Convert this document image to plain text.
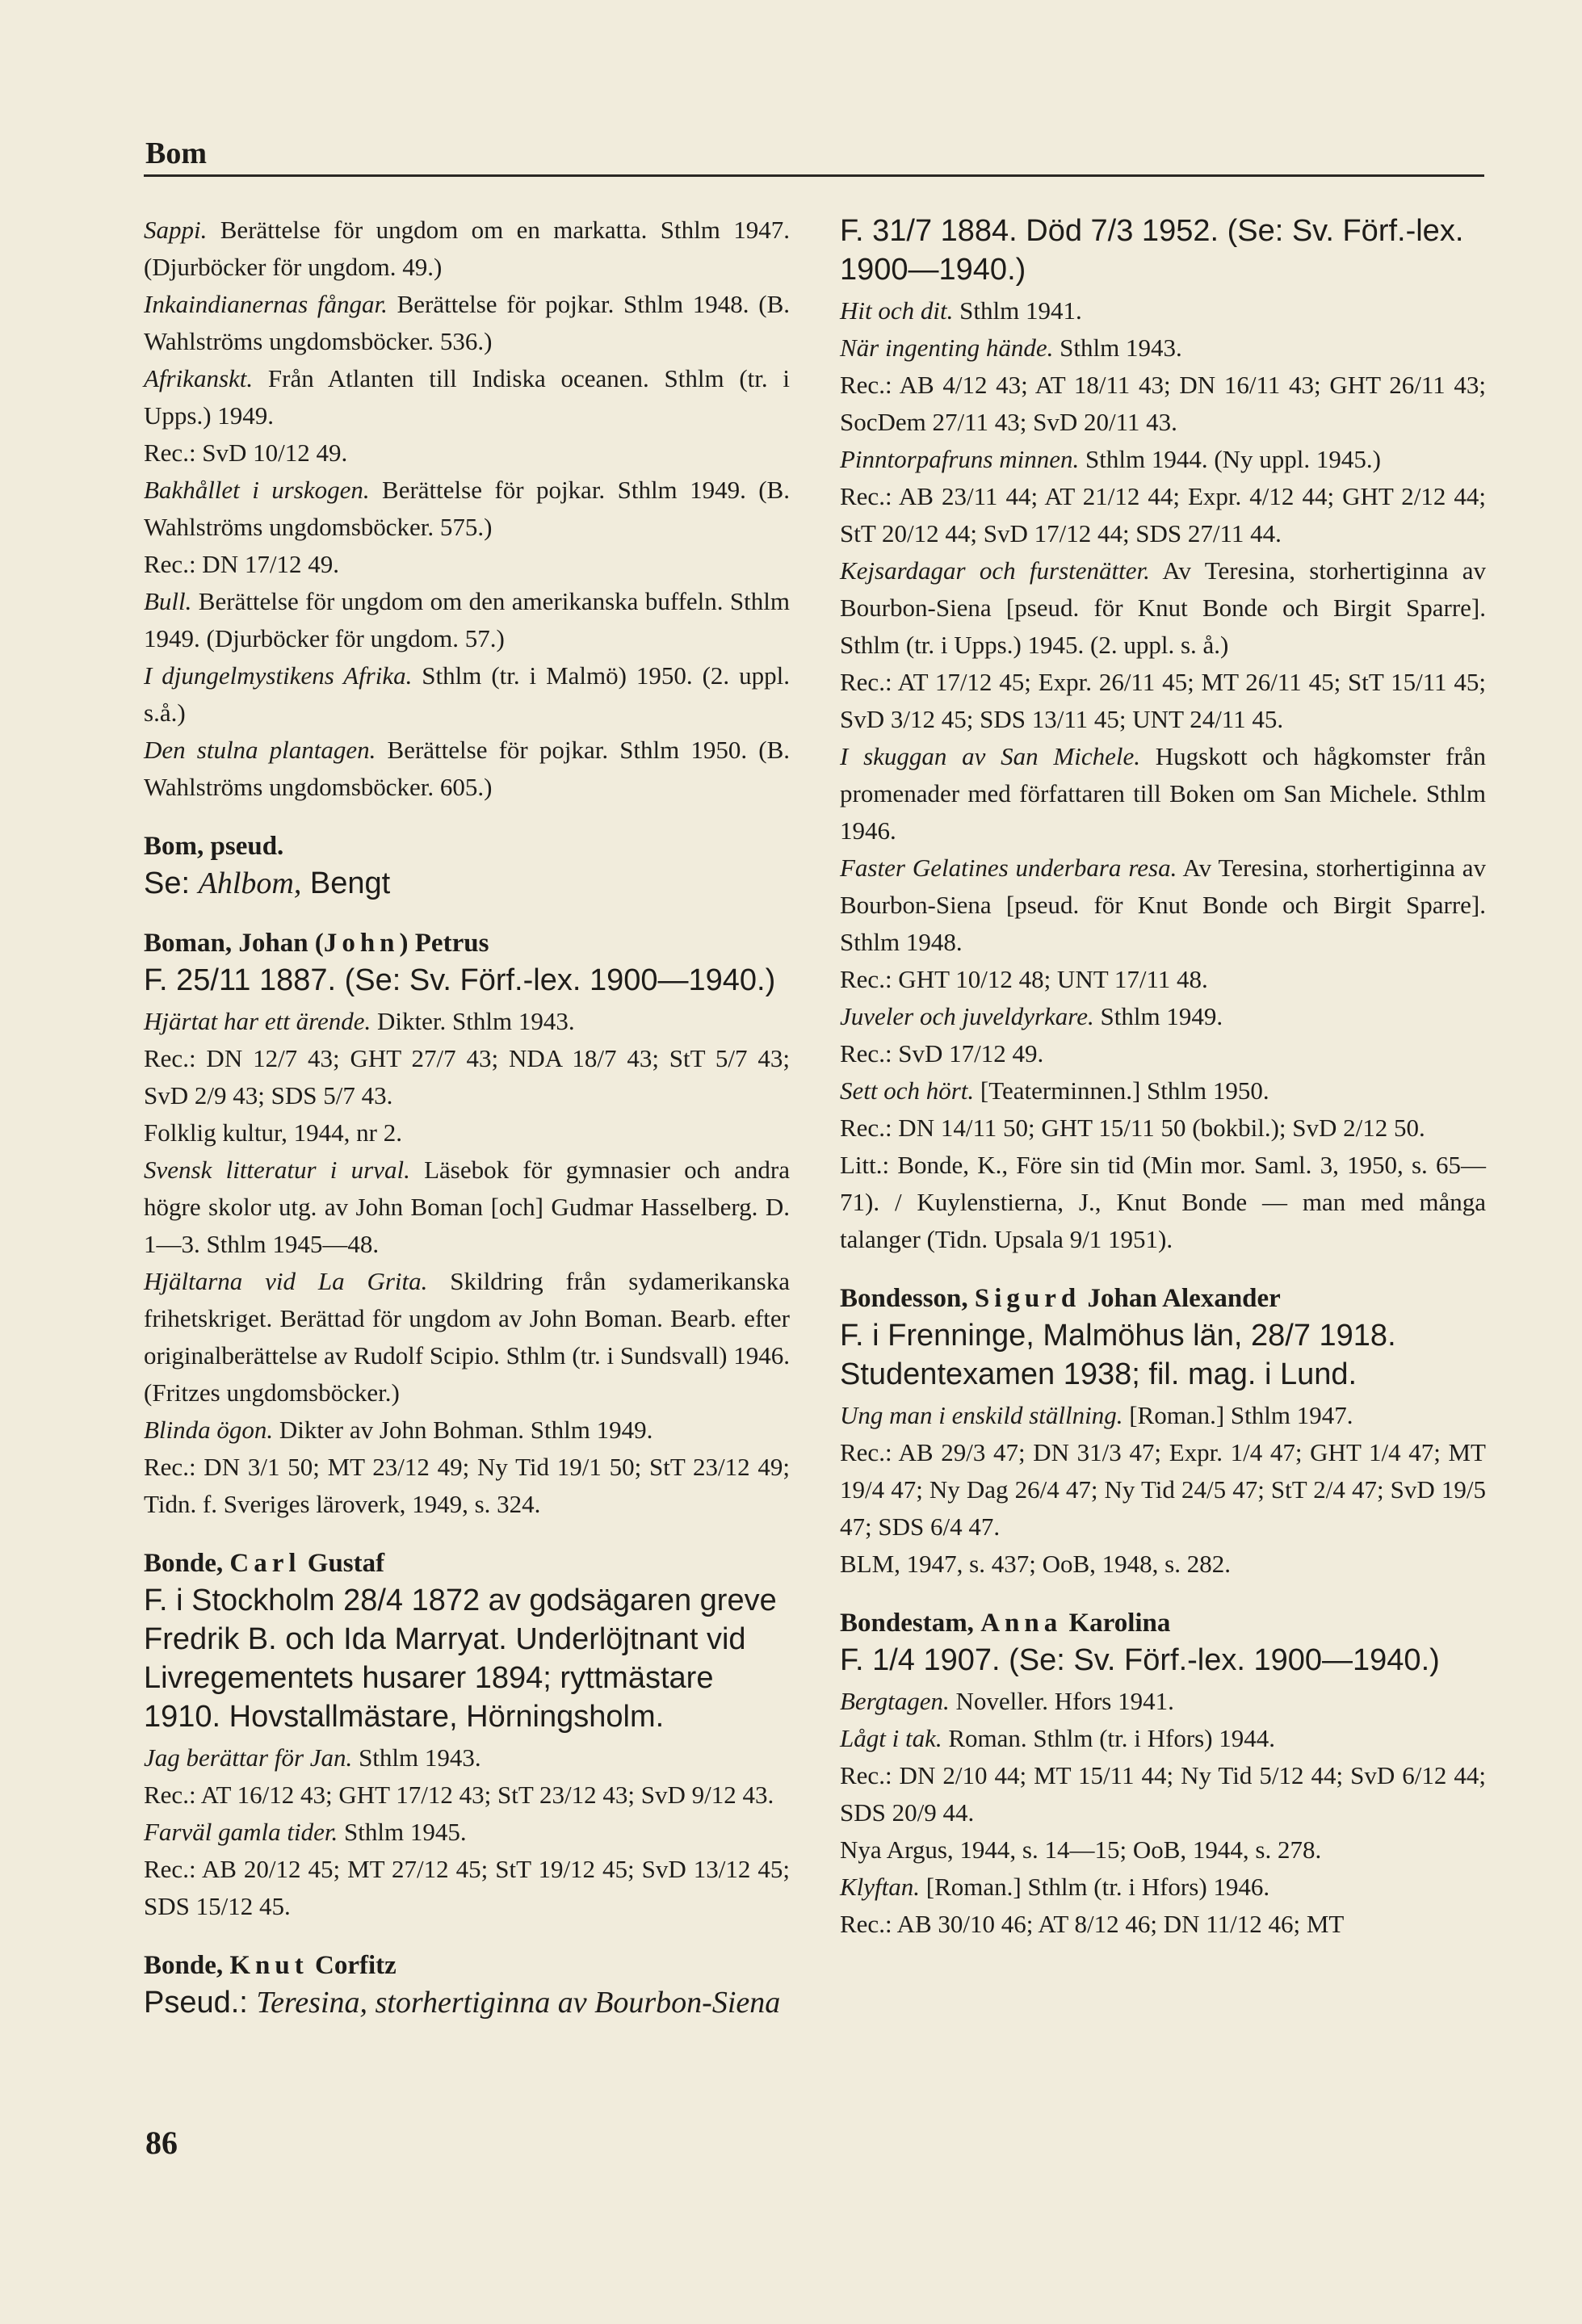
Bom

Sappi. Berättelse för ungdom om en markatta. Sthlm 1947. (Djurböcker för ungdom. 49.)

Inkaindianernas fångar. Berättelse för pojkar. Sthlm 1948. (B. Wahlströms ungdomsböcker. 536.)

Afrikanskt. Från Atlanten till Indiska oceanen. Sthlm (tr. i Upps.) 1949.

Rec.: SvD 10/12 49.

Bakhållet i urskogen. Berättelse för pojkar. Sthlm 1949. (B. Wahlströms ungdomsböcker. 575.)

Rec.: DN 17/12 49.

Bull. Berättelse för ungdom om den amerikanska buffeln. Sthlm 1949. (Djurböcker för ungdom. 57.)

I djungelmystikens Afrika. Sthlm (tr. i Malmö) 1950. (2. uppl. s.å.)

Den stulna plantagen. Berättelse för pojkar. Sthlm 1950. (B. Wahlströms ungdomsböcker. 605.)

Bom, pseud.

Se: Ahlbom, Bengt

Boman, Johan (John) Petrus

F. 25/11 1887. (Se: Sv. Förf.-lex. 1900—1940.)

Hjärtat har ett ärende. Dikter. Sthlm 1943.

Rec.: DN 12/7 43; GHT 27/7 43; NDA 18/7 43; StT 5/7 43; SvD 2/9 43; SDS 5/7 43.

Folklig kultur, 1944, nr 2.

Svensk litteratur i urval. Läsebok för gymnasier och andra högre skolor utg. av John Boman [och] Gudmar Hasselberg. D. 1—3. Sthlm 1945—48.

Hjältarna vid La Grita. Skildring från sydamerikanska frihetskriget. Berättad för ungdom av John Boman. Bearb. efter originalberättelse av Rudolf Scipio. Sthlm (tr. i Sundsvall) 1946. (Fritzes ungdomsböcker.)

Blinda ögon. Dikter av John Bohman. Sthlm 1949.

Rec.: DN 3/1 50; MT 23/12 49; Ny Tid 19/1 50; StT 23/12 49; Tidn. f. Sveriges läroverk, 1949, s. 324.

Bonde, Carl Gustaf

F. i Stockholm 28/4 1872 av godsägaren greve Fredrik B. och Ida Marryat. Underlöjtnant vid Livregementets husarer 1894; ryttmästare 1910. Hovstallmästare, Hörningsholm.

Jag berättar för Jan. Sthlm 1943.

Rec.: AT 16/12 43; GHT 17/12 43; StT 23/12 43; SvD 9/12 43.

Farväl gamla tider. Sthlm 1945.

Rec.: AB 20/12 45; MT 27/12 45; StT 19/12 45; SvD 13/12 45; SDS 15/12 45.

Bonde, Knut Corfitz

Pseud.: Teresina, storhertiginna av Bourbon-Siena

F. 31/7 1884. Död 7/3 1952. (Se: Sv. Förf.-lex. 1900—1940.)

Hit och dit. Sthlm 1941.

När ingenting hände. Sthlm 1943.

Rec.: AB 4/12 43; AT 18/11 43; DN 16/11 43; GHT 26/11 43; SocDem 27/11 43; SvD 20/11 43.

Pinntorpafruns minnen. Sthlm 1944. (Ny uppl. 1945.)

Rec.: AB 23/11 44; AT 21/12 44; Expr. 4/12 44; GHT 2/12 44; StT 20/12 44; SvD 17/12 44; SDS 27/11 44.

Kejsardagar och furstenätter. Av Teresina, storhertiginna av Bourbon-Siena [pseud. för Knut Bonde och Birgit Sparre]. Sthlm (tr. i Upps.) 1945. (2. uppl. s. å.)

Rec.: AT 17/12 45; Expr. 26/11 45; MT 26/11 45; StT 15/11 45; SvD 3/12 45; SDS 13/11 45; UNT 24/11 45.

I skuggan av San Michele. Hugskott och hågkomster från promenader med författaren till Boken om San Michele. Sthlm 1946.

Faster Gelatines underbara resa. Av Teresina, storhertiginna av Bourbon-Siena [pseud. för Knut Bonde och Birgit Sparre]. Sthlm 1948.

Rec.: GHT 10/12 48; UNT 17/11 48.

Juveler och juveldyrkare. Sthlm 1949.

Rec.: SvD 17/12 49.

Sett och hört. [Teaterminnen.] Sthlm 1950.

Rec.: DN 14/11 50; GHT 15/11 50 (bokbil.); SvD 2/12 50.

Litt.: Bonde, K., Före sin tid (Min mor. Saml. 3, 1950, s. 65—71). / Kuylenstierna, J., Knut Bonde — man med många talanger (Tidn. Upsala 9/1 1951).

Bondesson, Sigurd Johan Alexander

F. i Frenninge, Malmöhus län, 28/7 1918. Studentexamen 1938; fil. mag. i Lund.

Ung man i enskild ställning. [Roman.] Sthlm 1947.

Rec.: AB 29/3 47; DN 31/3 47; Expr. 1/4 47; GHT 1/4 47; MT 19/4 47; Ny Dag 26/4 47; Ny Tid 24/5 47; StT 2/4 47; SvD 19/5 47; SDS 6/4 47.

BLM, 1947, s. 437; OoB, 1948, s. 282.

Bondestam, Anna Karolina

F. 1/4 1907. (Se: Sv. Förf.-lex. 1900—1940.)

Bergtagen. Noveller. Hfors 1941.

Lågt i tak. Roman. Sthlm (tr. i Hfors) 1944.

Rec.: DN 2/10 44; MT 15/11 44; Ny Tid 5/12 44; SvD 6/12 44; SDS 20/9 44.

Nya Argus, 1944, s. 14—15; OoB, 1944, s. 278.

Klyftan. [Roman.] Sthlm (tr. i Hfors) 1946.

Rec.: AB 30/10 46; AT 8/12 46; DN 11/12 46; MT

86
